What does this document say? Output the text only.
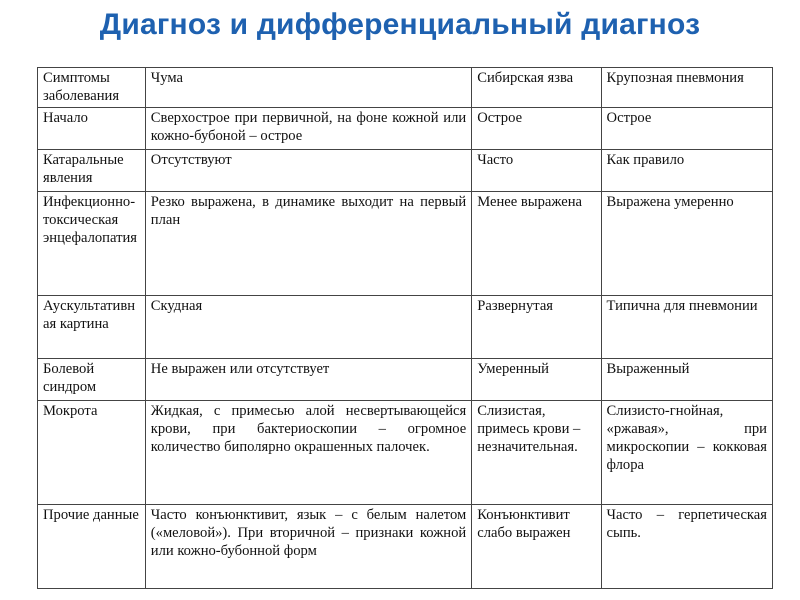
Диагноз и дифференциальный диагноз
Симптомы заболевания	Чума	Сибирская язва	Крупозная пневмония
Начало	Сверхострое при первичной, на фоне кожной или кожно-бубоной – острое	Острое	Острое
Катаральные явления	Отсутствуют	Часто	Как правило
Инфекционно-токсическая энцефалопатия	Резко выражена, в динамике выходит на первый план	Менее выражена	Выражена умеренно
Аускультативная картина	Скудная	Развернутая	Типична для пневмонии
Болевой синдром	Не выражен или отсутствует	Умеренный	Выраженный
Мокрота	Жидкая, с примесью алой несвертывающейся крови, при бактериоскопии – огромное количество биполярно окрашенных палочек.	Слизистая, примесь крови – незначительная.	Слизисто-гнойная, «ржавая», при микроскопии – кокковая флора
Прочие данные	Часто конъюнктивит, язык – с белым налетом («меловой»). При вторичной – признаки кожной или кожно-бубонной форм	Конъюнктивит слабо выражен	Часто – герпетическая сыпь.
